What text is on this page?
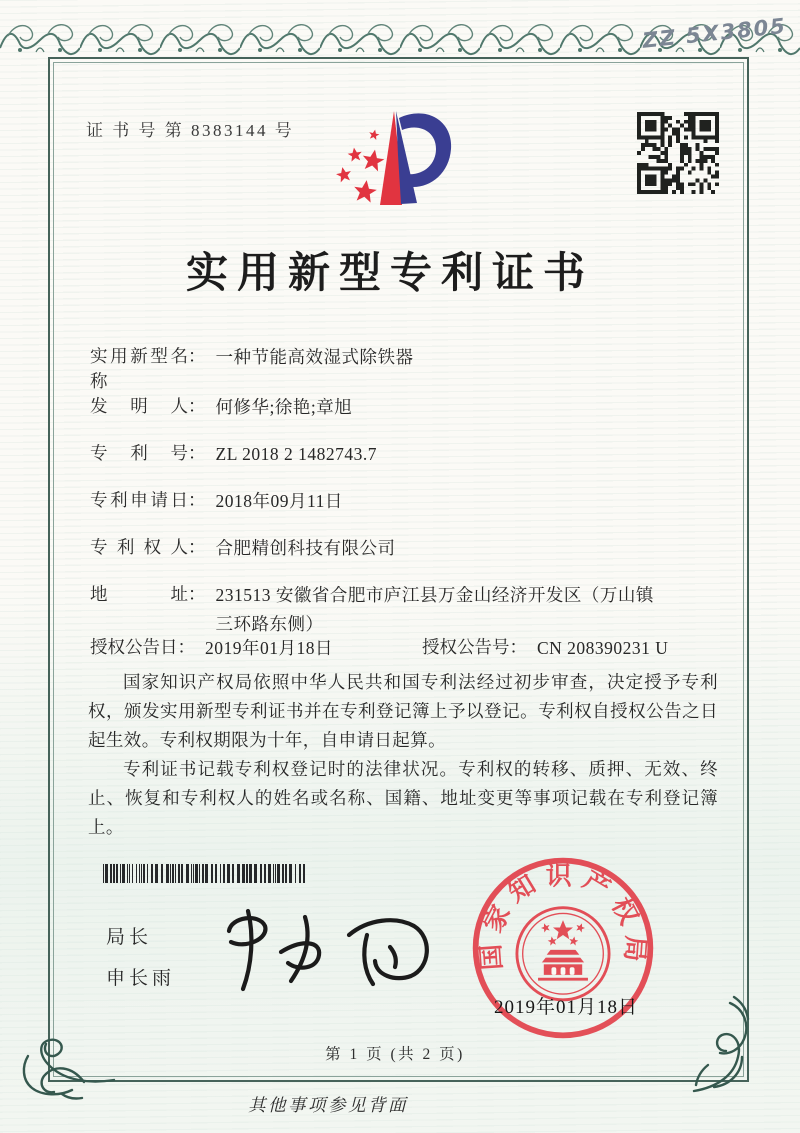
ZZ 5X3805
证 书 号 第 8383144 号
实用新型专利证书
实用新型名称： 一种节能高效湿式除铁器
发明人： 何修华;徐艳;章旭
专利号： ZL 2018 2 1482743.7
专利申请日： 2018年09月11日
专利权人： 合肥精创科技有限公司
地址： 231513 安徽省合肥市庐江县万金山经济开发区（万山镇三环路东侧）
授权公告日： 2019年01月18日	授权公告号： CN 208390231 U

国家知识产权局依照中华人民共和国专利法经过初步审查，决定授予专利权，颁发实用新型专利证书并在专利登记簿上予以登记。专利权自授权公告之日起生效。专利权期限为十年，自申请日起算。

专利证书记载专利权登记时的法律状况。专利权的转移、质押、无效、终止、恢复和专利权人的姓名或名称、国籍、地址变更等事项记载在专利登记簿上。

局长
申长雨
国家知识产权局
2019年01月18日
第 1 页 (共 2 页)
其他事项参见背面
